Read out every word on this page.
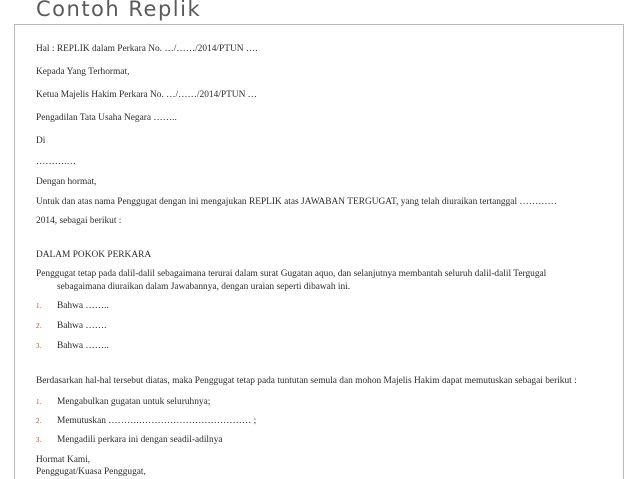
Contoh Replik
Hal : REPLIK dalam Perkara No. …/……/2014/PTUN ….
Kepada Yang Terhormat,
Ketua Majelis Hakim Perkara No. …/……/2014/PTUN …
Pengadilan Tata Usaha Negara ……..
Di
……….…
Dengan hormat,
Untuk dan atas nama Penggugat dengan ini mengajukan REPLIK atas JAWABAN TERGUGAT, yang telah diuraikan tertanggal …………
2014, sebagai berikut :
DALAM POKOK PERKARA
Penggugat tetap pada dalil-dalil sebagaimana terurai dalam surat Gugatan aquo, dan selanjutnya membantah seluruh dalil-dalil Tergugal
sebagaimana diuraikan dalam Jawabannya, dengan uraian seperti dibawah ini.
1. Bahwa ……..
2. Bahwa …….
3. Bahwa ……..
Berdasarkan hal-hal tersebut diatas, maka Penggugat tetap pada tuntutan semula dan mohon Majelis Hakim dapat memutuskan sebagai berikut :
1. Mengabulkan gugatan untuk seluruhnya;
2. Memutuskan ……….……………………………… ;
3. Mengadili perkara ini dengan seadil-adilnya
Hormat Kami,
Penggugat/Kuasa Penggugat,
